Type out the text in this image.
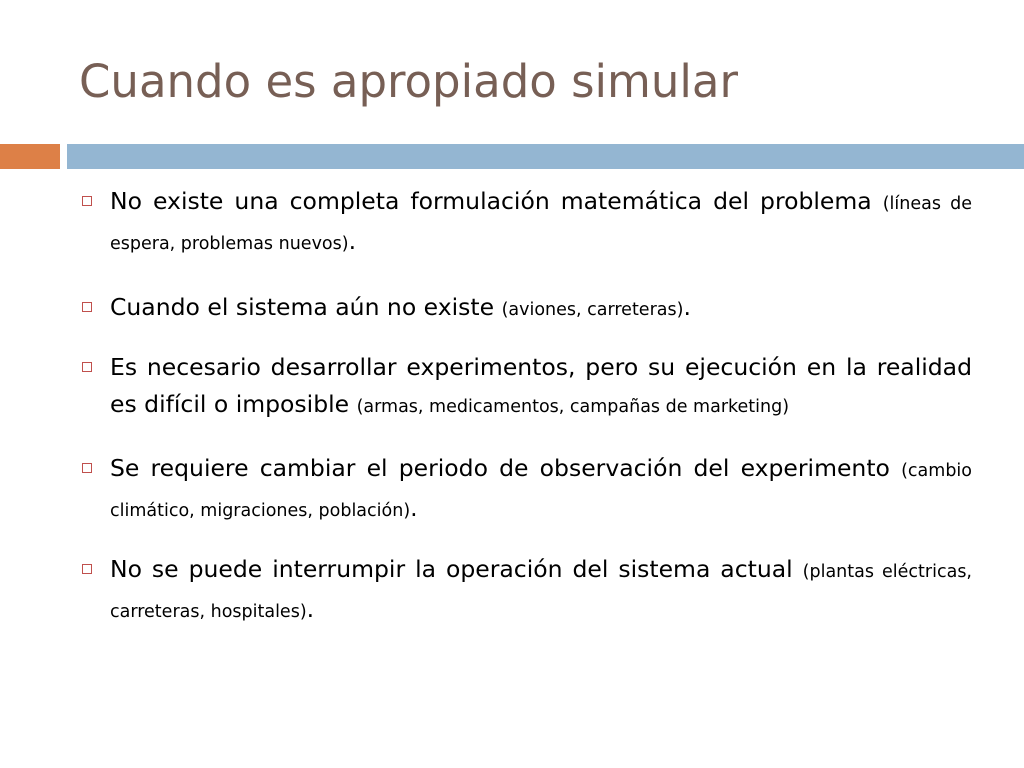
Cuando es apropiado simular
No existe una completa formulación matemática del problema (líneas de espera, problemas nuevos).
Cuando el sistema aún no existe (aviones, carreteras).
Es necesario desarrollar experimentos, pero su ejecución en la realidad es difícil o imposible (armas, medicamentos, campañas de marketing)
Se requiere cambiar el periodo de observación del experimento (cambio climático, migraciones, población).
No se puede interrumpir la operación del sistema actual (plantas eléctricas, carreteras, hospitales).
